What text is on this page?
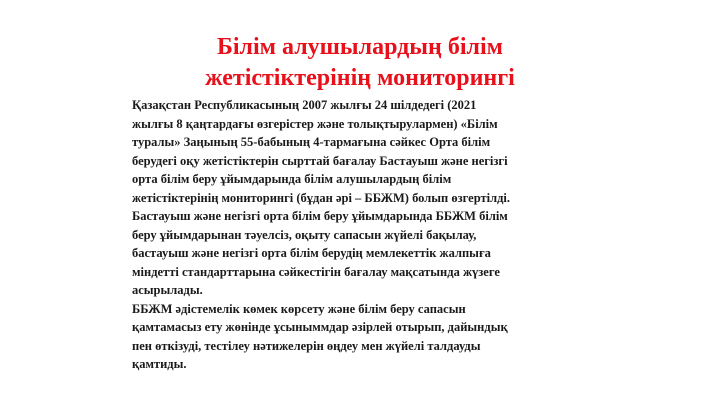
Білім алушылардың білім
жетістіктерінің мониторингі
Қазақстан Республикасының 2007 жылғы 24 шілдедегі (2021
жылғы 8 қаңтардағы өзгерістер және толықтырулармен) «Білім
туралы» Заңының 55-бабының 4-тармағына сәйкес Орта білім
берудегі оқу жетістіктерін сырттай бағалау Бастауыш және негізгі
орта білім беру ұйымдарында білім алушылардың білім
жетістіктерінің мониторингі (бұдан әрі – ББЖМ) болып өзгертілді.
Бастауыш және негізгі орта білім беру ұйымдарында ББЖМ білім
беру ұйымдарынан тәуелсіз, оқыту сапасын жүйелі бақылау,
бастауыш және негізгі орта білім берудің мемлекеттік жалпыға
міндетті стандарттарына сәйкестігін бағалау мақсатында жүзеге
асырылады.
ББЖМ әдістемелік көмек көрсету және білім беру сапасын
қамтамасыз ету жөнінде ұсыныммдар әзірлей отырып, дайындық
пен өткізуді, тестілеу нәтижелерін өңдеу мен жүйелі талдауды
қамтиды.
